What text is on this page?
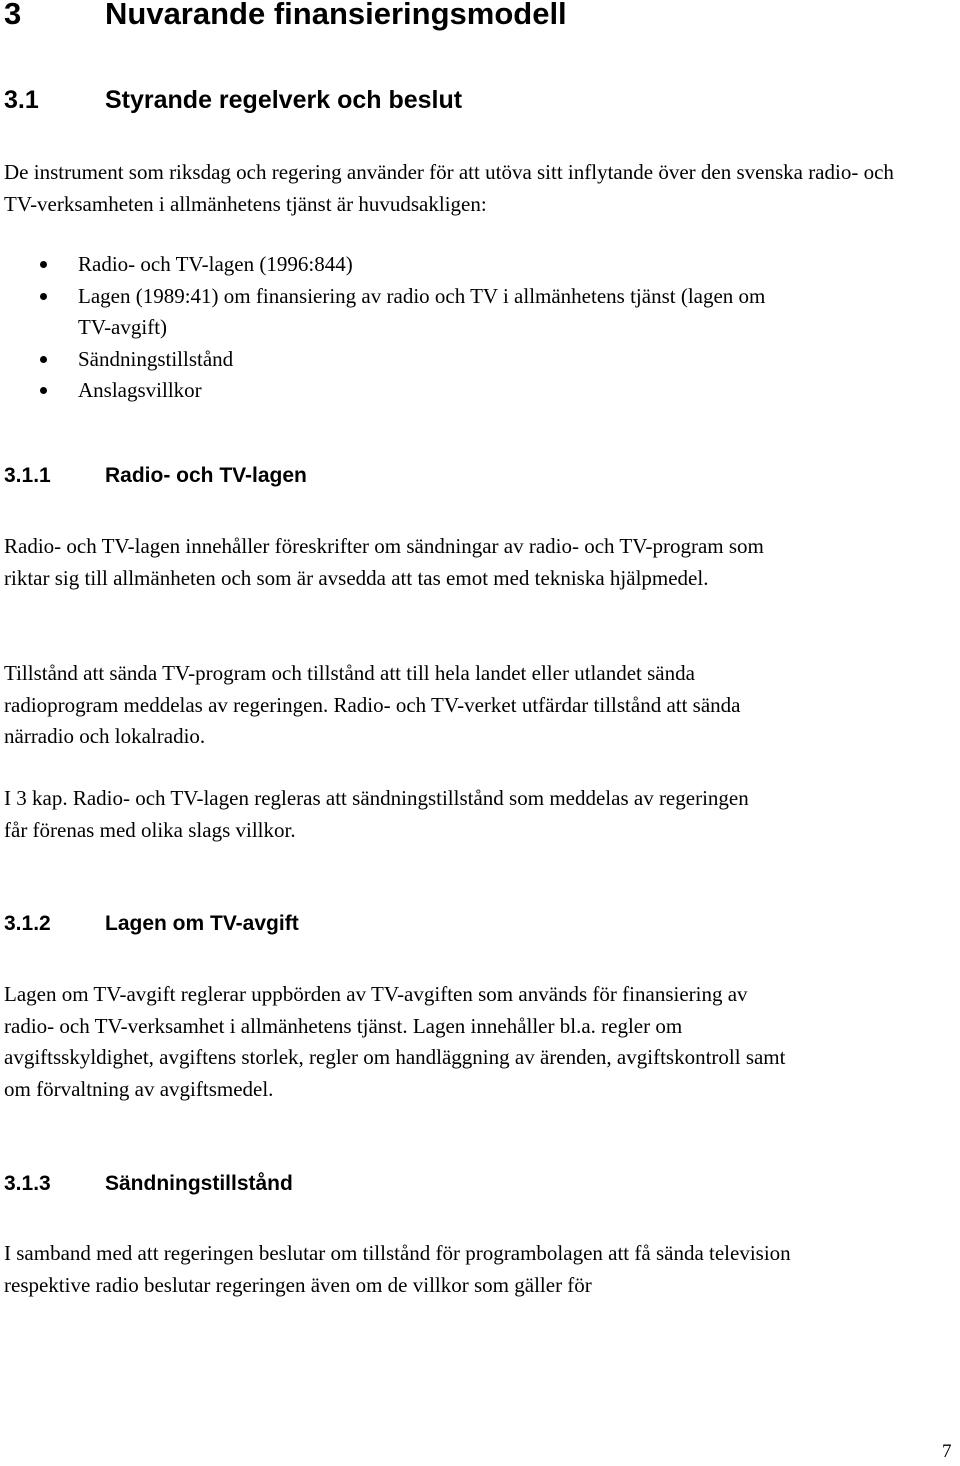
3	Nuvarande finansieringsmodell
3.1	Styrande regelverk och beslut

De instrument som riksdag och regering använder för att utöva sitt inflytande över den svenska radio- och TV-verksamheten i allmänhetens tjänst är huvudsakligen:

Radio- och TV-lagen (1996:844)
Lagen (1989:41) om finansiering av radio och TV i allmänhetens tjänst (lagen om TV-avgift)
Sändningstillstånd
Anslagsvillkor
3.1.1	Radio- och TV-lagen

Radio- och TV-lagen innehåller föreskrifter om sändningar av radio- och TV-program som riktar sig till allmänheten och som är avsedda att tas emot med tekniska hjälpmedel.

Tillstånd att sända TV-program och tillstånd att till hela landet eller utlandet sända radioprogram meddelas av regeringen. Radio- och TV-verket utfärdar tillstånd att sända närradio och lokalradio.

I 3 kap. Radio- och TV-lagen regleras att sändningstillstånd som meddelas av regeringen får förenas med olika slags villkor.

3.1.2	Lagen om TV-avgift

Lagen om TV-avgift reglerar uppbörden av TV-avgiften som används för finansiering av radio- och TV-verksamhet i allmänhetens tjänst. Lagen innehåller bl.a. regler om avgiftsskyldighet, avgiftens storlek, regler om handläggning av ärenden, avgiftskontroll samt om förvaltning av avgiftsmedel.

3.1.3	Sändningstillstånd

I samband med att regeringen beslutar om tillstånd för programbolagen att få sända television respektive radio beslutar regeringen även om de villkor som gäller för

7
